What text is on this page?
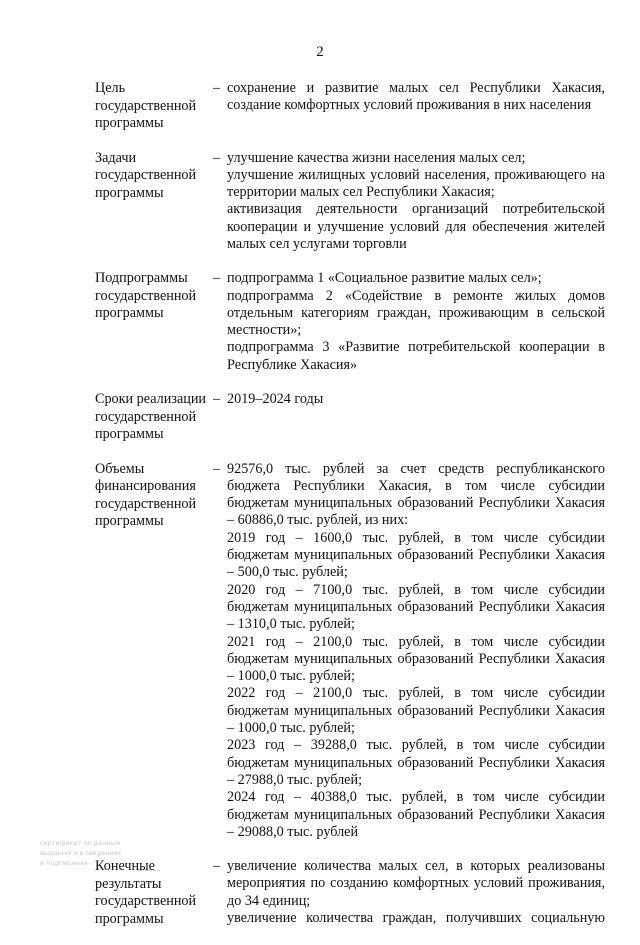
2
Цель
государственной
программы
– сохранение и развитие малых сел Республики Хакасия,

создание комфортных условий проживания в них населения

Задачи
государственной
программы
– улучшение качества жизни населения малых сел;

улучшение жилищных условий населения, проживающего на территории малых сел Республики Хакасия;

активизация деятельности организаций потребительской кооперации и улучшение условий для обеспечения жителей малых сел услугами торговли

Подпрограммы
государственной
программы
– подпрограмма 1 «Социальное развитие малых сел»;

подпрограмма 2 «Содействие в ремонте жилых домов отдельным категориям граждан, проживающим в сельской местности»;

подпрограмма 3 «Развитие потребительской кооперации в Республике Хакасия»

Сроки реализации
государственной
программы
– 2019–2024 годы

Объемы
финансирования
государственной
программы
– 92576,0 тыс. рублей за счет средств республиканского бюджета Республики Хакасия, в том числе субсидии бюджетам муниципальных образований Республики Хакасия – 60886,0 тыс. рублей, из них:

2019 год – 1600,0 тыс. рублей, в том числе субсидии бюджетам муниципальных образований Республики Хакасия – 500,0 тыс. рублей;

2020 год – 7100,0 тыс. рублей, в том числе субсидии бюджетам муниципальных образований Республики Хакасия – 1310,0 тыс. рублей;

2021 год – 2100,0 тыс. рублей, в том числе субсидии бюджетам муниципальных образований Республики Хакасия – 1000,0 тыс. рублей;

2022 год – 2100,0 тыс. рублей, в том числе субсидии бюджетам муниципальных образований Республики Хакасия – 1000,0 тыс. рублей;

2023 год – 39288,0 тыс. рублей, в том числе субсидии бюджетам муниципальных образований Республики Хакасия – 27988,0 тыс. рублей;

2024 год – 40388,0 тыс. рублей, в том числе субсидии бюджетам муниципальных образований Республики Хакасия – 29088,0 тыс. рублей

Конечные
результаты
государственной
программы
– увеличение количества малых сел, в которых реализованы мероприятия по созданию комфортных условий проживания, до 34 единиц;

увеличение количества граждан, получивших социальную

сертификат по данным
выданного в сведениях
о подписании
